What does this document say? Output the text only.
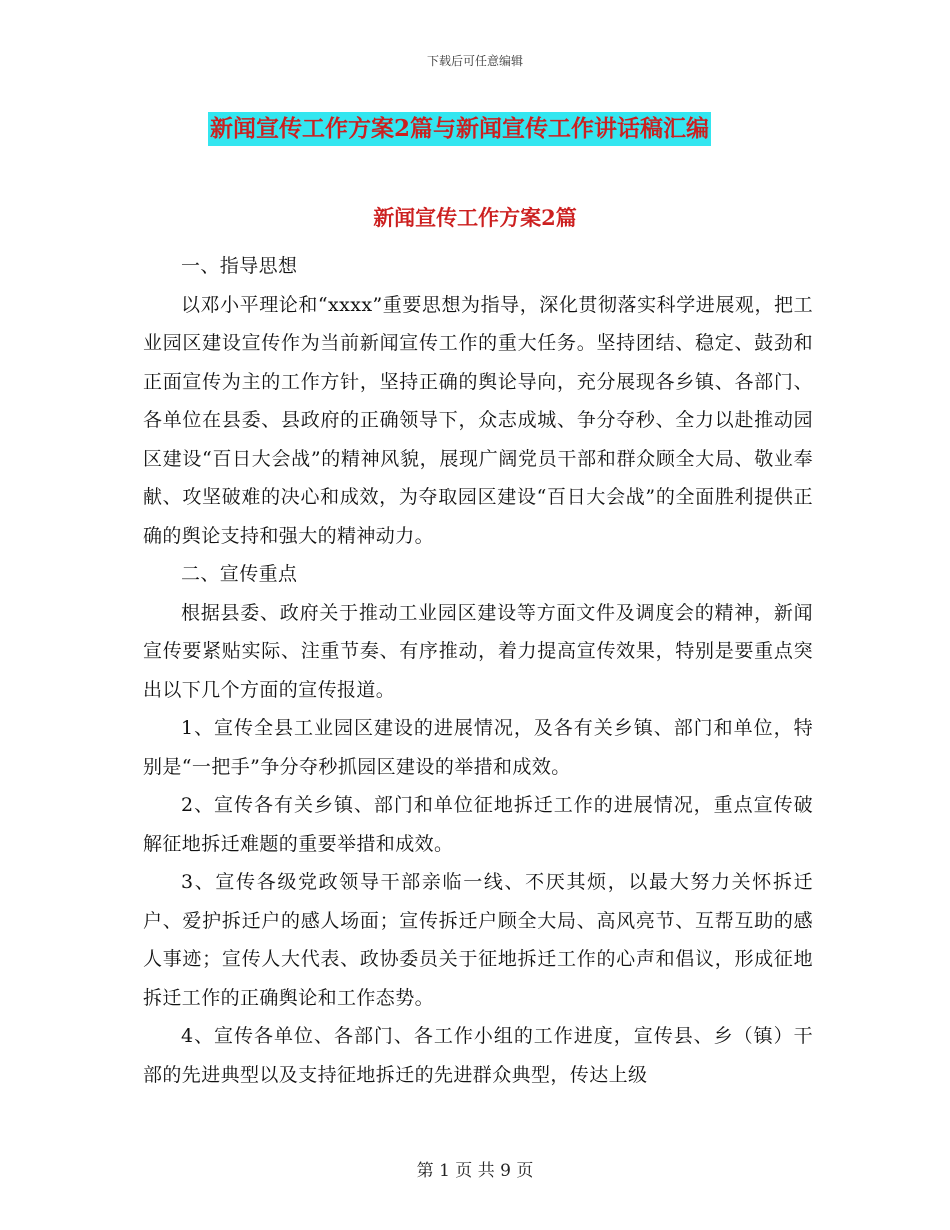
下载后可任意编辑
新闻宣传工作方案2篇与新闻宣传工作讲话稿汇编
新闻宣传工作方案2篇

一、指导思想

以邓小平理论和“xxxx”重要思想为指导，深化贯彻落实科学进展观，把工业园区建设宣传作为当前新闻宣传工作的重大任务。坚持团结、稳定、鼓劲和正面宣传为主的工作方针，坚持正确的舆论导向，充分展现各乡镇、各部门、各单位在县委、县政府的正确领导下，众志成城、争分夺秒、全力以赴推动园区建设“百日大会战”的精神风貌，展现广阔党员干部和群众顾全大局、敬业奉献、攻坚破难的决心和成效，为夺取园区建设“百日大会战”的全面胜利提供正确的舆论支持和强大的精神动力。

二、宣传重点

根据县委、政府关于推动工业园区建设等方面文件及调度会的精神，新闻宣传要紧贴实际、注重节奏、有序推动，着力提高宣传效果，特别是要重点突出以下几个方面的宣传报道。

1、宣传全县工业园区建设的进展情况，及各有关乡镇、部门和单位，特别是“一把手”争分夺秒抓园区建设的举措和成效。

2、宣传各有关乡镇、部门和单位征地拆迁工作的进展情况，重点宣传破解征地拆迁难题的重要举措和成效。

3、宣传各级党政领导干部亲临一线、不厌其烦，以最大努力关怀拆迁户、爱护拆迁户的感人场面；宣传拆迁户顾全大局、高风亮节、互帮互助的感人事迹；宣传人大代表、政协委员关于征地拆迁工作的心声和倡议，形成征地拆迁工作的正确舆论和工作态势。

4、宣传各单位、各部门、各工作小组的工作进度，宣传县、乡（镇）干部的先进典型以及支持征地拆迁的先进群众典型，传达上级

第 1 页 共 9 页
